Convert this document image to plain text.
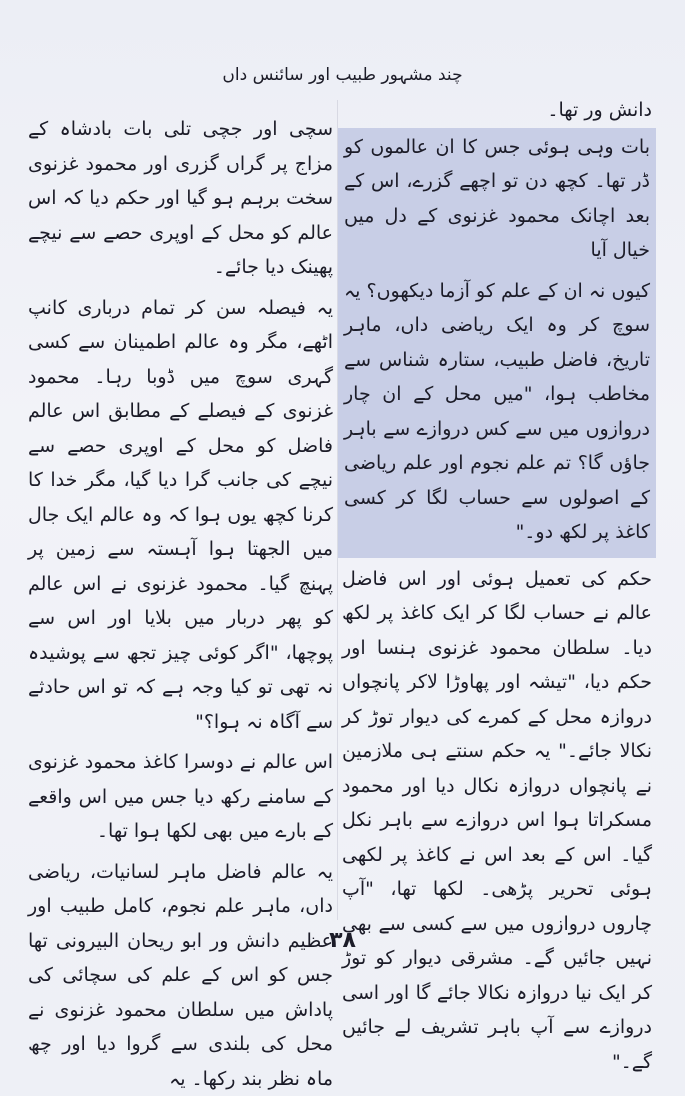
چند مشہور طبیب اور سائنس داں

دانش ور تھا۔

بات وہی ہوئی جس کا ان عالموں کو ڈر تھا۔ کچھ دن تو اچھے گزرے، اس کے بعد اچانک محمود غزنوی کے دل میں خیال آیا

کیوں نہ ان کے علم کو آزما دیکھوں؟ یہ سوچ کر وہ ایک ریاضی داں، ماہر تاریخ، فاضل طبیب، ستارہ شناس سے مخاطب ہوا، "میں محل کے ان چار دروازوں میں سے کس دروازے سے باہر جاؤں گا؟ تم علم نجوم اور علم ریاضی کے اصولوں سے حساب لگا کر کسی کاغذ پر لکھ دو۔"

حکم کی تعمیل ہوئی اور اس فاضل عالم نے حساب لگا کر ایک کاغذ پر لکھ دیا۔ سلطان محمود غزنوی ہنسا اور حکم دیا، "تیشہ اور پھاوڑا لاکر پانچواں دروازہ محل کے کمرے کی دیوار توڑ کر نکالا جائے۔" یہ حکم سنتے ہی ملازمین نے پانچواں دروازہ نکال دیا اور محمود مسکراتا ہوا اس دروازے سے باہر نکل گیا۔ اس کے بعد اس نے کاغذ پر لکھی ہوئی تحریر پڑھی۔ لکھا تھا، "آپ چاروں دروازوں میں سے کسی سے بھی نہیں جائیں گے۔ مشرقی دیوار کو توڑ کر ایک نیا دروازہ نکالا جائے گا اور اسی دروازے سے آپ باہر تشریف لے جائیں گے۔"

سچی اور جچی تلی بات بادشاہ کے مزاج پر گراں گزری اور محمود غزنوی سخت برہم ہو گیا اور حکم دیا کہ اس عالم کو محل کے اوپری حصے سے نیچے پھینک دیا جائے۔

یہ فیصلہ سن کر تمام درباری کانپ اٹھے، مگر وہ عالم اطمینان سے کسی گہری سوچ میں ڈوبا رہا۔ محمود غزنوی کے فیصلے کے مطابق اس عالم فاضل کو محل کے اوپری حصے سے نیچے کی جانب گرا دیا گیا، مگر خدا کا کرنا کچھ یوں ہوا کہ وہ عالم ایک جال میں الجھتا ہوا آہستہ سے زمین پر پہنچ گیا۔ محمود غزنوی نے اس عالم کو پھر دربار میں بلایا اور اس سے پوچھا، "اگر کوئی چیز تجھ سے پوشیدہ نہ تھی تو کیا وجہ ہے کہ تو اس حادثے سے آگاہ نہ ہوا؟"

اس عالم نے دوسرا کاغذ محمود غزنوی کے سامنے رکھ دیا جس میں اس واقعے کے بارے میں بھی لکھا ہوا تھا۔

یہ عالم فاضل ماہر لسانیات، ریاضی داں، ماہر علم نجوم، کامل طبیب اور عظیم دانش ور ابو ریحان البیرونی تھا جس کو اس کے علم کی سچائی کی پاداش میں سلطان محمود غزنوی نے محل کی بلندی سے گروا دیا اور چھ ماہ نظر بند رکھا۔ یہ

۳۸
